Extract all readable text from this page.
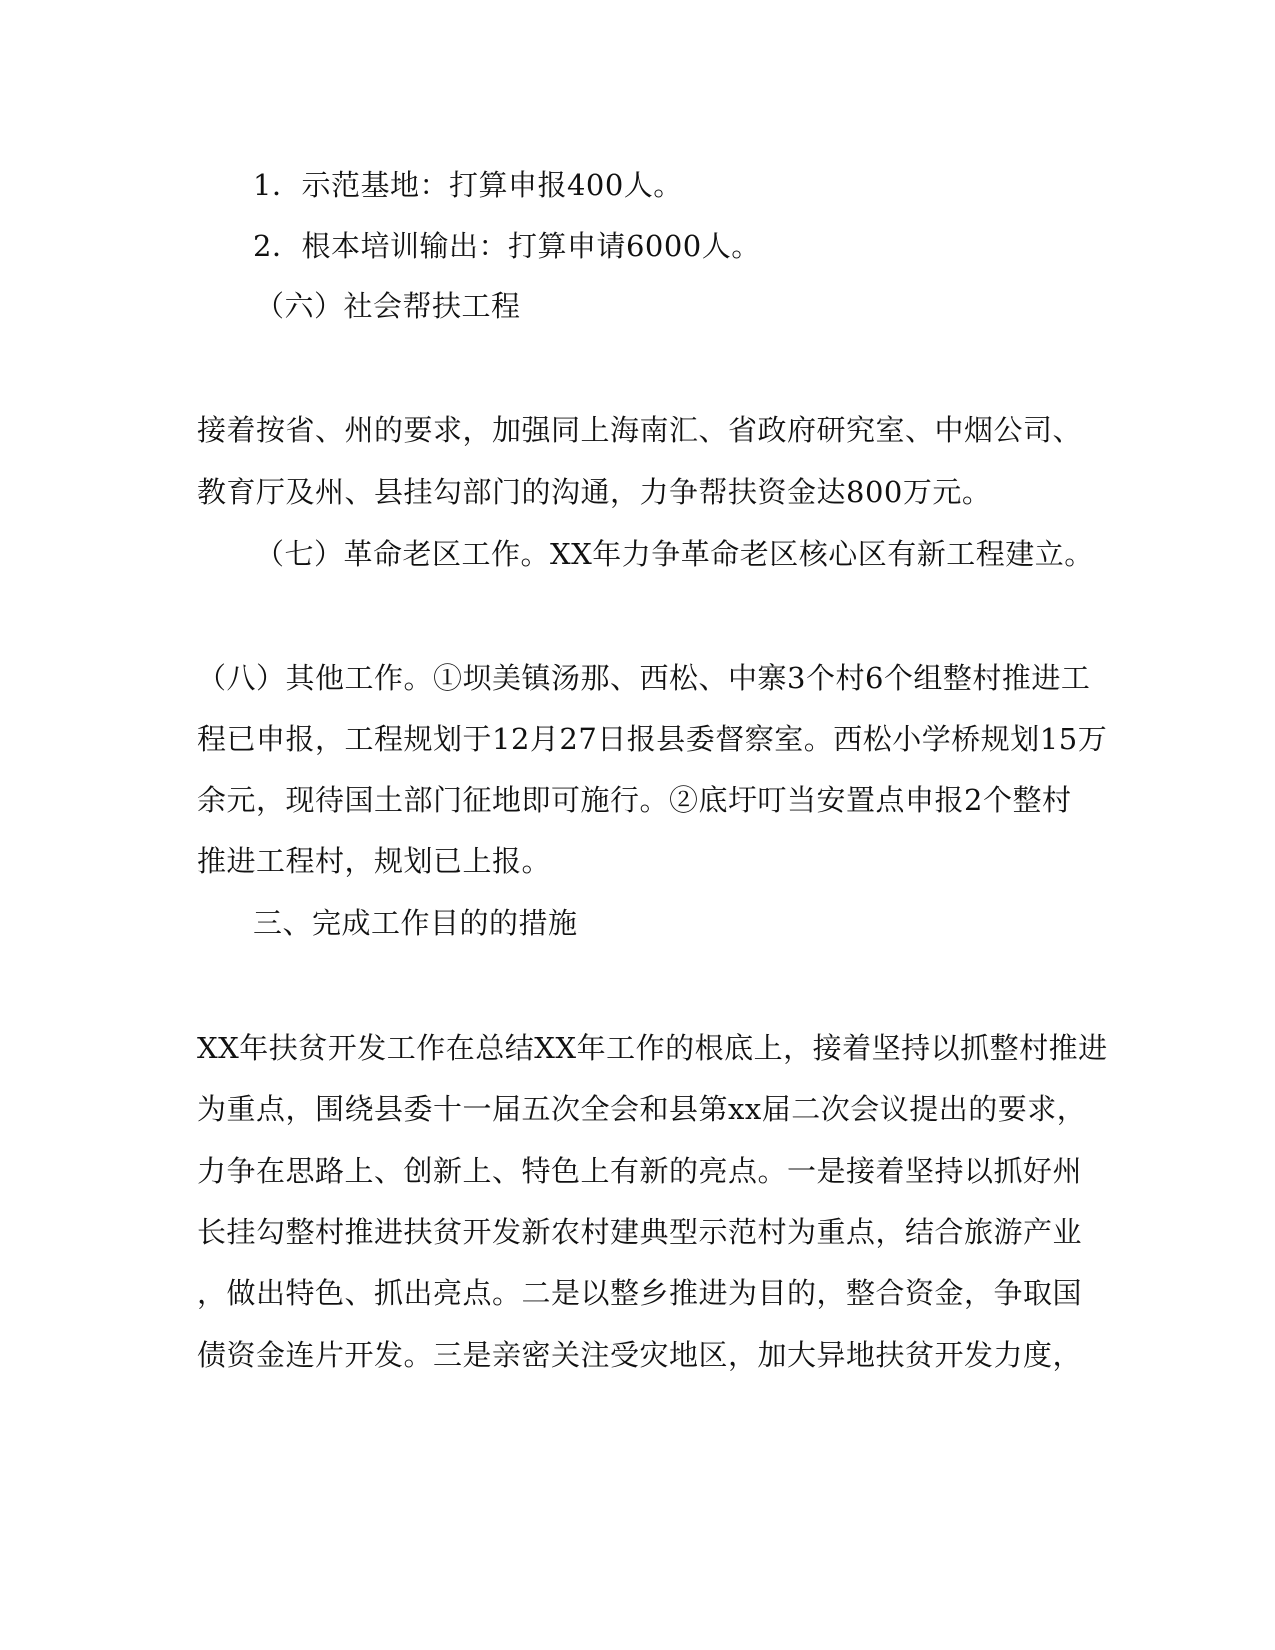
1．示范基地：打算申报400人。
2．根本培训输出：打算申请6000人。
（六）社会帮扶工程
接着按省、州的要求，加强同上海南汇、省政府研究室、中烟公司、
教育厅及州、县挂勾部门的沟通，力争帮扶资金达800万元。
（七）革命老区工作。XX年力争革命老区核心区有新工程建立。
（八）其他工作。①坝美镇汤那、西松、中寨3个村6个组整村推进工
程已申报，工程规划于12月27日报县委督察室。西松小学桥规划15万
余元，现待国土部门征地即可施行。②底圩叮当安置点申报2个整村
推进工程村，规划已上报。
三、完成工作目的的措施
XX年扶贫开发工作在总结XX年工作的根底上，接着坚持以抓整村推进
为重点，围绕县委十一届五次全会和县第xx届二次会议提出的要求，
力争在思路上、创新上、特色上有新的亮点。一是接着坚持以抓好州
长挂勾整村推进扶贫开发新农村建典型示范村为重点，结合旅游产业
，做出特色、抓出亮点。二是以整乡推进为目的，整合资金，争取国
债资金连片开发。三是亲密关注受灾地区，加大异地扶贫开发力度，
